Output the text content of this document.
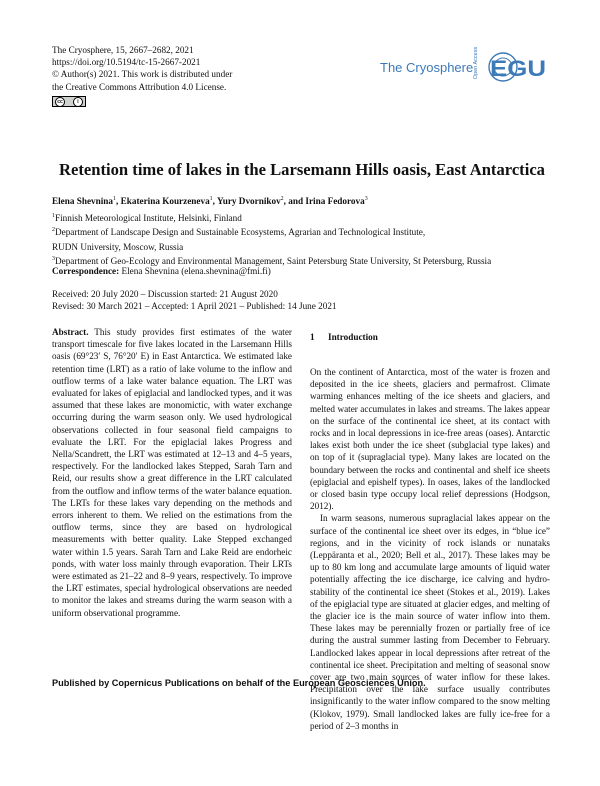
The Cryosphere, 15, 2667–2682, 2021
https://doi.org/10.5194/tc-15-2667-2021
© Author(s) 2021. This work is distributed under
the Creative Commons Attribution 4.0 License.
cc	i
The Cryosphere Open Access EGU
Retention time of lakes in the Larsemann Hills oasis, East Antarctica
Elena Shevnina$^1$, Ekaterina Kourzeneva$^1$, Yury Dvornikov$^2$, and Irina Fedorova$^3$
$^1$Finnish Meteorological Institute, Helsinki, Finland
$^2$Department of Landscape Design and Sustainable Ecosystems, Agrarian and Technological Institute,
RUDN University, Moscow, Russia
$^3$Department of Geo-Ecology and Environmental Management, Saint Petersburg State University, St Petersburg, Russia
Correspondence: Elena Shevnina (elena.shevnina@fmi.fi)
Received: 20 July 2020 – Discussion started: 21 August 2020
Revised: 30 March 2021 – Accepted: 1 April 2021 – Published: 14 June 2021

Abstract. This study provides first estimates of the water transport timescale for five lakes located in the Larsemann Hills oasis (69°23′ S, 76°20′ E) in East Antarctica. We estimated lake retention time (LRT) as a ratio of lake volume to the inflow and outflow terms of a lake water balance equation. The LRT was evaluated for lakes of epiglacial and landlocked types, and it was assumed that these lakes are monomictic, with water exchange occurring during the warm season only. We used hydrological observations collected in four seasonal field campaigns to evaluate the LRT. For the epiglacial lakes Progress and Nella/Scandrett, the LRT was estimated at 12–13 and 4–5 years, respectively. For the landlocked lakes Stepped, Sarah Tarn and Reid, our results show a great difference in the LRT calculated from the outflow and inflow terms of the water balance equation. The LRTs for these lakes vary depending on the methods and errors inherent to them. We relied on the estimations from the outflow terms, since they are based on hydrological measurements with better quality. Lake Stepped exchanged water within 1.5 years. Sarah Tarn and Lake Reid are endorheic ponds, with water loss mainly through evaporation. Their LRTs were estimated as 21–22 and 8–9 years, respectively. To improve the LRT estimates, special hydrological observations are needed to monitor the lakes and streams during the warm season with a uniform observational programme.

1 Introduction

On the continent of Antarctica, most of the water is frozen and deposited in the ice sheets, glaciers and permafrost. Climate warming enhances melting of the ice sheets and glaciers, and melted water accumulates in lakes and streams. The lakes appear on the surface of the continental ice sheet, at its contact with rocks and in local depressions in ice-free areas (oases). Antarctic lakes exist both under the ice sheet (subglacial type lakes) and on top of it (supraglacial type). Many lakes are located on the boundary between the rocks and continental and shelf ice sheets (epiglacial and epishelf types). In oases, lakes of the landlocked or closed basin type occupy local relief depressions (Hodgson, 2012).

In warm seasons, numerous supraglacial lakes appear on the surface of the continental ice sheet over its edges, in “blue ice” regions, and in the vicinity of rock islands or nunataks (Leppäranta et al., 2020; Bell et al., 2017). These lakes may be up to 80 km long and accumulate large amounts of liquid water potentially affecting the ice discharge, ice calving and hydro-stability of the continental ice sheet (Stokes et al., 2019). Lakes of the epiglacial type are situated at glacier edges, and melting of the glacier ice is the main source of water inflow into them. These lakes may be perennially frozen or partially free of ice during the austral summer lasting from December to February. Landlocked lakes appear in local depressions after retreat of the continental ice sheet. Precipitation and melting of seasonal snow cover are two main sources of water inflow for these lakes. Precipitation over the lake surface usually contributes insignificantly to the water inflow compared to the snow melting (Klokov, 1979). Small landlocked lakes are fully ice-free for a period of 2–3 months in

Published by Copernicus Publications on behalf of the European Geosciences Union.
